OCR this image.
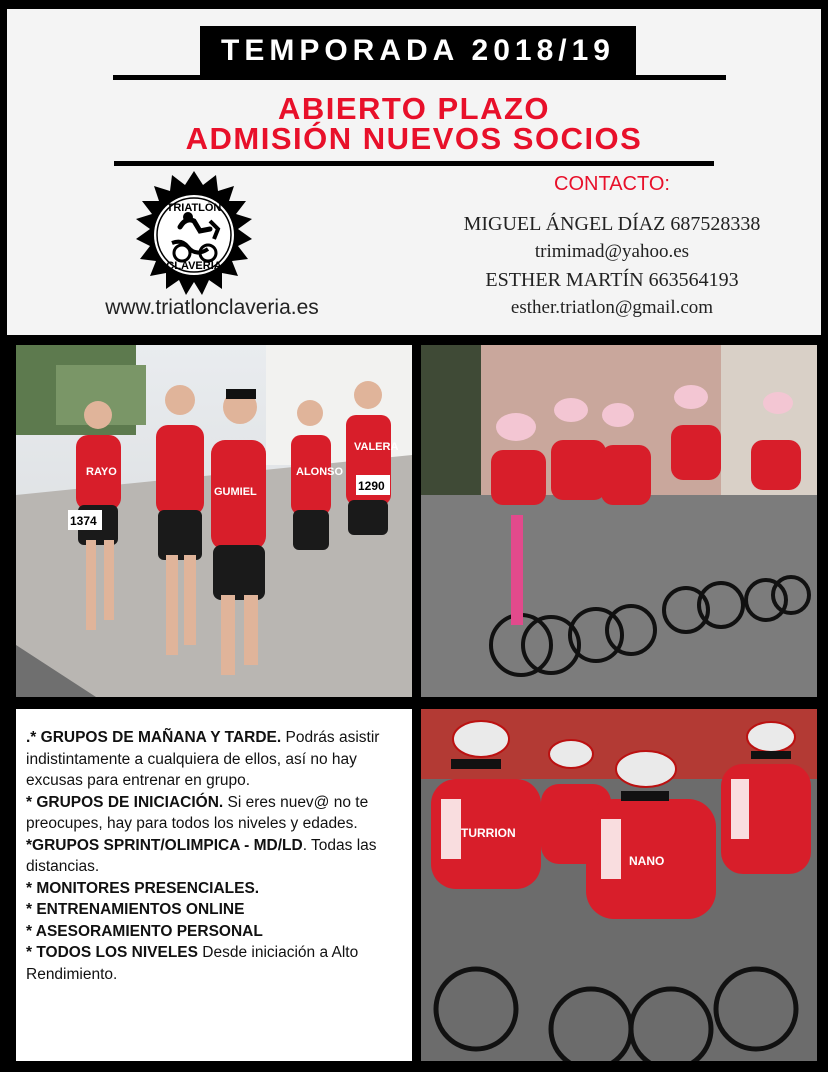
TEMPORADA 2018/19
ABIERTO PLAZO
ADMISIÓN NUEVOS SOCIOS
TRIATLÓN
CLAVERÍA
www.triatlonclaveria.es
CONTACTO:
MIGUEL ÁNGEL DÍAZ 687528338
trimimad@yahoo.es
ESTHER MARTÍN 663564193
esther.triatlon@gmail.com
RAYO
GUMIEL
ALONSO
VALERA
1374
1290

.* GRUPOS DE MAÑANA Y TARDE. Podrás asistir indistintamente a cualquiera de ellos, así no hay excusas para entrenar en grupo.

* GRUPOS DE INICIACIÓN. Si eres nuev@ no te preocupes, hay para todos los niveles y edades.

*GRUPOS SPRINT/OLIMPICA - MD/LD. Todas las distancias.

* MONITORES PRESENCIALES.

* ENTRENAMIENTOS ONLINE

* ASESORAMIENTO PERSONAL

* TODOS LOS NIVELES Desde iniciación a Alto Rendimiento.

TURRION
NANO
